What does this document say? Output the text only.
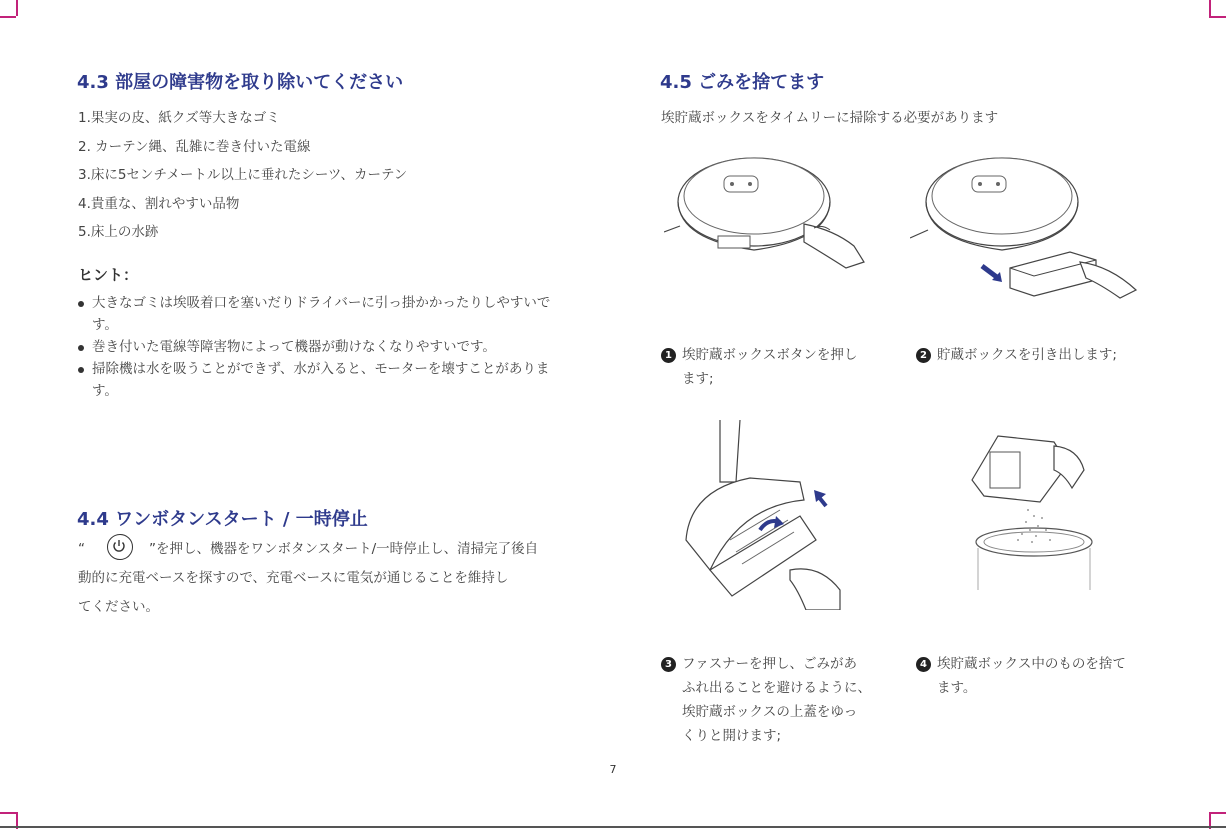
4.3 部屋の障害物を取り除いてください

1.果実の皮、紙クズ等大きなゴミ

2. カーテン縄、乱雑に巻き付いた電線

3.床に5センチメートル以上に垂れたシーツ、カーテン

4.貴重な、割れやすい品物

5.床上の水跡

ヒント：

大きなゴミは埃吸着口を塞いだりドライバーに引っ掛かかったりしやすいです。
巻き付いた電線等障害物によって機器が動けなくなりやすいです。
掃除機は水を吸うことができず、水が入ると、モーターを壊すことがあります。
4.4 ワンボタンスタート / 一時停止

“	”を押し、機器をワンボタンスタート/一時停止し、清掃完了後自
動的に充電ベースを探すので、充電ベースに電気が通じることを維持し
てください。

4.5 ごみを捨てます

埃貯蔵ボックスをタイムリーに掃除する必要があります

1 埃貯蔵ボックスボタンを押し
ます;
2 貯蔵ボックスを引き出します;
3 ファスナーを押し、ごみがあ
ふれ出ることを避けるように、
埃貯蔵ボックスの上蓋をゆっ
くりと開けます;
4 埃貯蔵ボックス中のものを捨て
ます。
7
